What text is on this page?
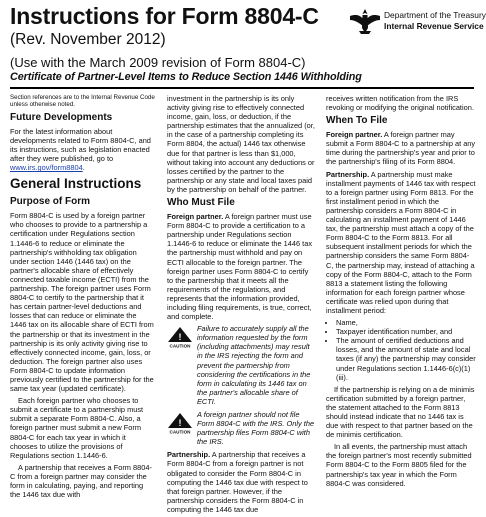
Instructions for Form 8804-C
(Rev. November 2012)
(Use with the March 2009 revision of Form 8804-C)
Certificate of Partner-Level Items to Reduce Section 1446 Withholding
Department of the Treasury
Internal Revenue Service

Section references are to the Internal Revenue Code unless otherwise noted.

Future Developments

For the latest information about developments related to Form 8804-C, and its instructions, such as legislation enacted after they were published, go to www.irs.gov/form8804.

General Instructions
Purpose of Form

Form 8804-C is used by a foreign partner who chooses to provide to a partnership a certification under Regulations section 1.1446-6 to reduce or eliminate the partnership's withholding tax obligation under section 1446 (1446 tax) on the partner's allocable share of effectively connected taxable income (ECTI) from the partnership. The foreign partner uses Form 8804-C to certify to the partnership that it has certain partner-level deductions and losses that can reduce or eliminate the 1446 tax on its allocable share of ECTI from the partnership or that its investment in the partnership is its only activity giving rise to effectively connected income, gain, loss, or deduction. The foreign partner also uses Form 8804-C to update information previously certified to the partnership for the same tax year (updated certificate).

Each foreign partner who chooses to submit a certificate to a partnership must submit a separate Form 8804-C. Also, a foreign partner must submit a new Form 8804-C for each tax year in which it chooses to utilize the provisions of Regulations section 1.1446-6.

A partnership that receives a Form 8804-C from a foreign partner may consider the form in calculating, paying, and reporting the 1446 tax due with

investment in the partnership is its only activity giving rise to effectively connected income, gain, loss, or deduction, if the partnership estimates that the annualized (or, in the case of a partnership completing its Form 8804, the actual) 1446 tax otherwise due for that partner is less than $1,000, without taking into account any deductions or losses certified by the partner to the partnership or any state and local taxes paid by the partnership on behalf of the partner.

Who Must File

Foreign partner. A foreign partner must use Form 8804-C to provide a certification to a partnership under Regulations section 1.1446-6 to reduce or eliminate the 1446 tax the partnership must withhold and pay on ECTI allocable to the foreign partner. The foreign partner uses Form 8804-C to certify to the partnership that it meets all the requirements of the regulations, and represents that the information provided, including filing requirements, is true, correct, and complete.

!
CAUTION
Failure to accurately supply all the information requested by the form (including attachments) may result in the IRS rejecting the form and prevent the partnership from considering the certifications in the form in calculating its 1446 tax on the partner's allocable share of ECTI.
!
CAUTION
A foreign partner should not file Form 8804-C with the IRS. Only the partnership files Form 8804-C with the IRS.

Partnership. A partnership that receives a Form 8804-C from a foreign partner is not obligated to consider the Form 8804-C in computing the 1446 tax due with respect to that foreign partner. However, if the partnership considers the Form 8804-C in computing the 1446 tax due

receives written notification from the IRS revoking or modifying the original notification.

When To File

Foreign partner. A foreign partner may submit a Form 8804-C to a partnership at any time during the partnership's year and prior to the partnership's filing of its Form 8804.

Partnership. A partnership must make installment payments of 1446 tax with respect to a foreign partner using Form 8813. For the first installment period in which the partnership considers a Form 8804-C in calculating an installment payment of 1446 tax, the partnership must attach a copy of the Form 8804-C to the Form 8813. For all subsequent installment periods for which the partnership considers the same Form 8804-C, the partnership may, instead of attaching a copy of the Form 8804-C, attach to the Form 8813 a statement listing the following information for each foreign partner whose certificate was relied upon during that installment period:

• Name,
• Taxpayer identification number, and
• The amount of certified deductions and losses, and the amount of state and local taxes (if any) the partnership may consider under Regulations section 1.1446-6(c)(1)(iii).

If the partnership is relying on a de minimis certification submitted by a foreign partner, the statement attached to the Form 8813 should instead indicate that no 1446 tax is due with respect to that partner based on the de minimis certification.

In all events, the partnership must attach the foreign partner's most recently submitted Form 8804-C to the Form 8805 filed for the partnership's tax year in which the Form 8804-C was considered.
